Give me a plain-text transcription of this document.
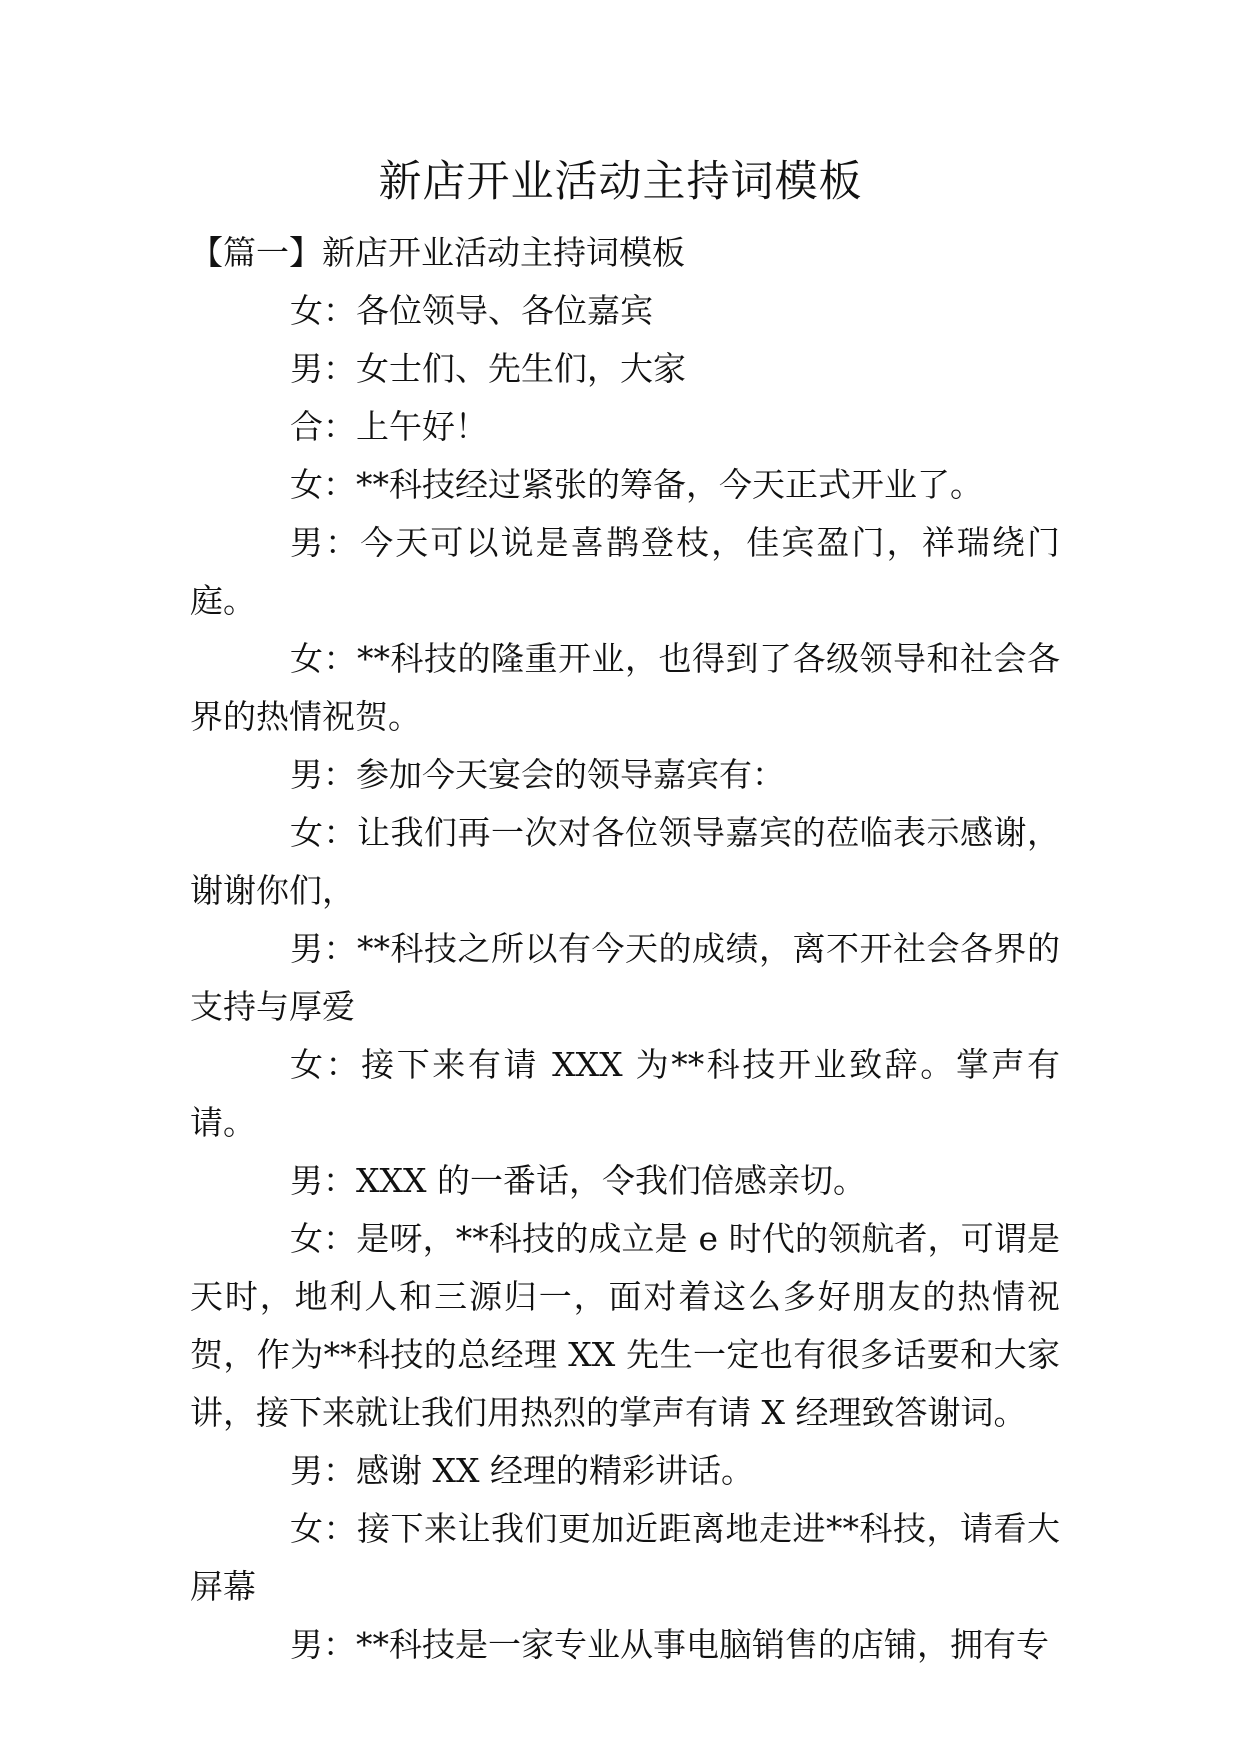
新店开业活动主持词模板

【篇一】新店开业活动主持词模板

女：各位领导、各位嘉宾

男：女士们、先生们，大家

合：上午好！

女：**科技经过紧张的筹备，今天正式开业了。

男：今天可以说是喜鹊登枝，佳宾盈门，祥瑞绕门庭。

女：**科技的隆重开业，也得到了各级领导和社会各界的热情祝贺。

男：参加今天宴会的领导嘉宾有：

女：让我们再一次对各位领导嘉宾的莅临表示感谢，谢谢你们，

男：**科技之所以有今天的成绩，离不开社会各界的支持与厚爱

女：接下来有请 XXX 为**科技开业致辞。掌声有请。

男：XXX 的一番话，令我们倍感亲切。

女：是呀，**科技的成立是 e 时代的领航者，可谓是天时，地利人和三源归一，面对着这么多好朋友的热情祝贺，作为**科技的总经理 XX 先生一定也有很多话要和大家讲，接下来就让我们用热烈的掌声有请 X 经理致答谢词。

男：感谢 XX 经理的精彩讲话。

女：接下来让我们更加近距离地走进**科技，请看大屏幕

男：**科技是一家专业从事电脑销售的店铺，拥有专
